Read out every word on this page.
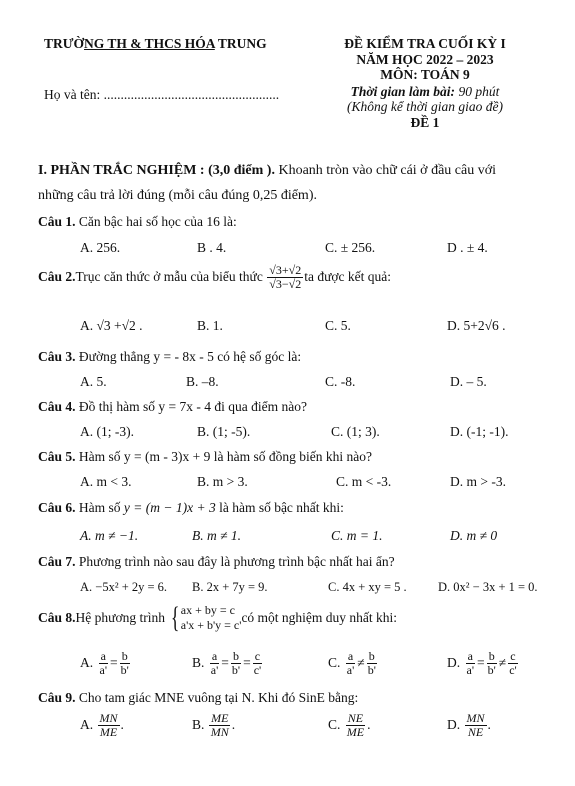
TRƯỜNG TH & THCS HÓA TRUNG	ĐỀ KIỂM TRA CUỐI KỲ I
NĂM HỌC 2022 – 2023
MÔN: TOÁN 9
Họ và tên: ....................................................	Thời gian làm bài: 90 phút
(Không kể thời gian giao đề)
ĐỀ 1
I. PHẦN TRẮC NGHIỆM : (3,0 điểm ). Khoanh tròn vào chữ cái ở đầu câu với
những câu trả lời đúng (mỗi câu đúng 0,25 điểm).
Câu 1. Căn bậc hai số học của 16 là:
A. 256.	B . 4.	C. ± 256.	D . ± 4.
Câu 2. Trục căn thức ở mẫu của biểu thức
$\frac{√3+√2}{√3-√2}$ ta được kết quả:
A. √3 +√2 .	B. 1.	C. 5.	D. 5+2√6 .
Câu 3. Đường thẳng y = - 8x - 5 có hệ số góc là:
A. 5.	B. –8.	C. -8.	D. – 5.
Câu 4. Đồ thị hàm số y = 7x - 4 đi qua điểm nào?
A. (1; -3).	B. (1; -5).	C. (1; 3).	D. (-1; -1).
Câu 5. Hàm số y = (m - 3)x + 9 là hàm số đồng biến khi nào?
A. m < 3.	B. m > 3.	C. m < -3.	D. m > -3.
Câu 6. Hàm số y = (m − 1)x + 3 là hàm số bậc nhất khi:
A. m ≠ −1.	B. m ≠ 1.	C. m = 1.	D. m ≠ 0
Câu 7. Phương trình nào sau đây là phương trình bậc nhất hai ẩn?
A. −5x² + 2y = 6. B. 2x + 7y = 9.	C. 4x + xy = 5 .	D. 0x² − 3x + 1 = 0.
Câu 8. Hệ phương trình
{ ax + by = c
a'x + b'y = c'
có một nghiệm duy nhất khi:
A.
$\frac{a}{a'} = \frac{b}{b'}$	B.
$\frac{a}{a'} = \frac{b}{b'} = \frac{c}{c'}$	C.
$\frac{a}{a'} \ne \frac{b}{b'}$	D.
$\frac{a}{a'} = \frac{b}{b'} \ne \frac{c}{c'}$
Câu 9. Cho tam giác MNE vuông tại N. Khi đó SinE bằng:
A.
$\frac{MN}{ME}$ .	B.
$\frac{ME}{MN}$ .	C.
$\frac{NE}{ME}$ .	D.
$\frac{MN}{NE}$ .
